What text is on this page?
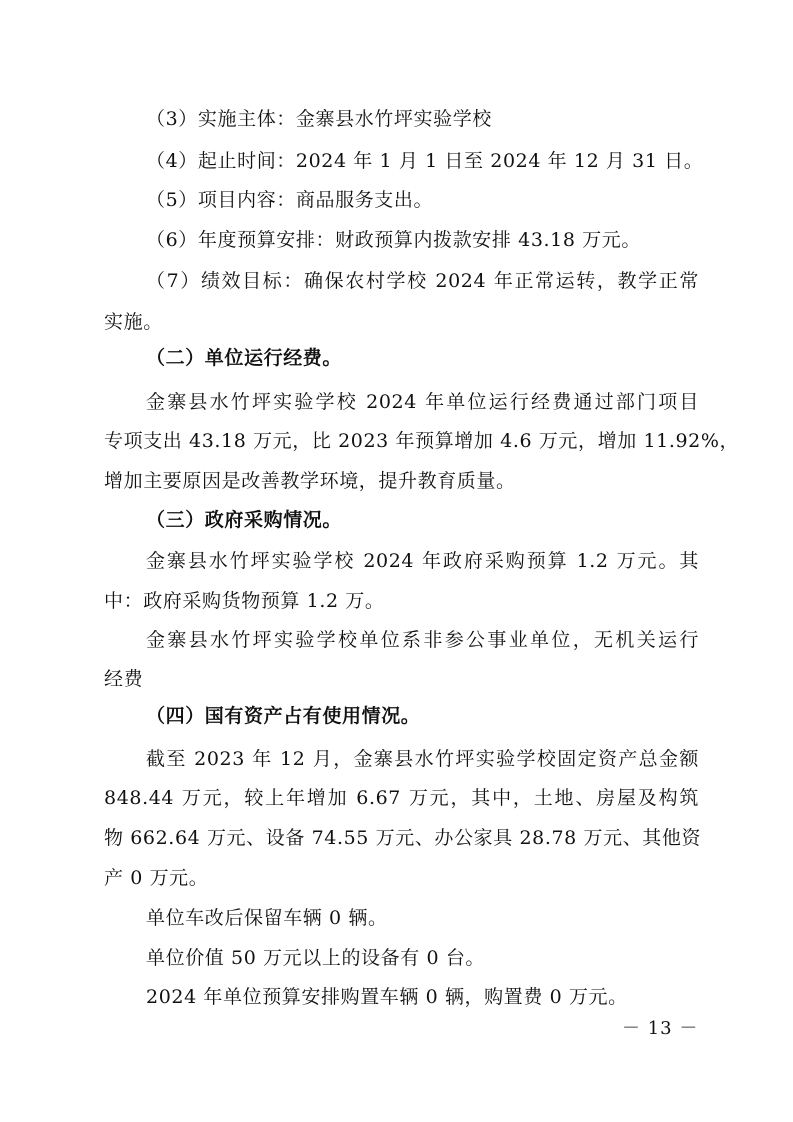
（3）实施主体：金寨县水竹坪实验学校
（4）起止时间：2024 年 1 月 1 日至 2024 年 12 月 31 日。
（5）项目内容：商品服务支出。
（6）年度预算安排：财政预算内拨款安排 43.18 万元。
（7）绩效目标：确保农村学校 2024 年正常运转，教学正常
实施。
（二）单位运行经费。
金寨县水竹坪实验学校 2024 年单位运行经费通过部门项目
专项支出 43.18 万元，比 2023 年预算增加 4.6 万元，增加 11.92%，
增加主要原因是改善教学环境，提升教育质量。
（三）政府采购情况。
金寨县水竹坪实验学校 2024 年政府采购预算 1.2 万元。其
中：政府采购货物预算 1.2 万。
金寨县水竹坪实验学校单位系非参公事业单位，无机关运行
经费
（四）国有资产占有使用情况。
截至 2023 年 12 月，金寨县水竹坪实验学校固定资产总金额
848.44 万元，较上年增加 6.67 万元，其中，土地、房屋及构筑
物 662.64 万元、设备 74.55 万元、办公家具 28.78 万元、其他资
产 0 万元。
单位车改后保留车辆 0 辆。
单位价值 50 万元以上的设备有 0 台。
2024 年单位预算安排购置车辆 0 辆，购置费 0 万元。
－ 13 －
